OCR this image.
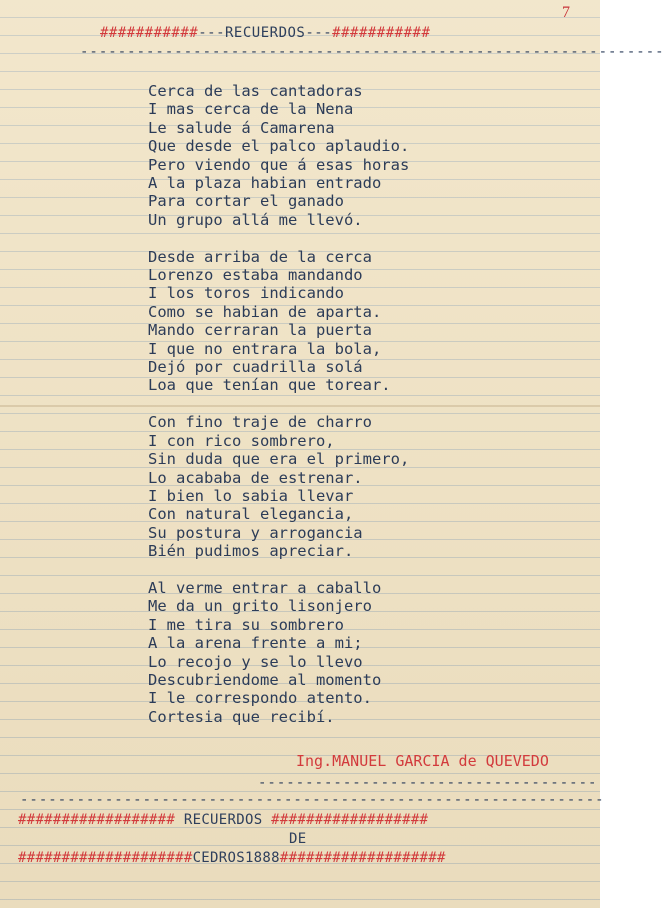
7
###########---RECUERDOS---###########
--------------------------------------------------------------
Cerca de las cantadoras
I mas cerca de la Nena
Le salude á Camarena
Que desde el palco aplaudio.
Pero viendo que á esas horas
A la plaza habian entrado
Para cortar el ganado
Un grupo allá me llevó.
Desde arriba de la cerca
Lorenzo estaba mandando
I los toros indicando
Como se habian de aparta.
Mando cerraran la puerta
I que no entrara la bola,
Dejó por cuadrilla solá
Loa que tenían que torear.
Con fino traje de charro
I con rico sombrero,
Sin duda que era el primero,
Lo acababa de estrenar.
I bien lo sabia llevar
Con natural elegancia,
Su postura y arrogancia
Bién pudimos apreciar.
Al verme entrar a caballo
Me da un grito lisonjero
I me tira su sombrero
A la arena frente a mi;
Lo recojo y se lo llevo
Descubriendome al momento
I le correspondo atento.
Cortesia que recibí.
Ing.MANUEL GARCIA de QUEVEDO
------------------------------------
--------------------------------------------------------------
################## RECUERDOS ##################
DE
####################CEDROS1888###################
